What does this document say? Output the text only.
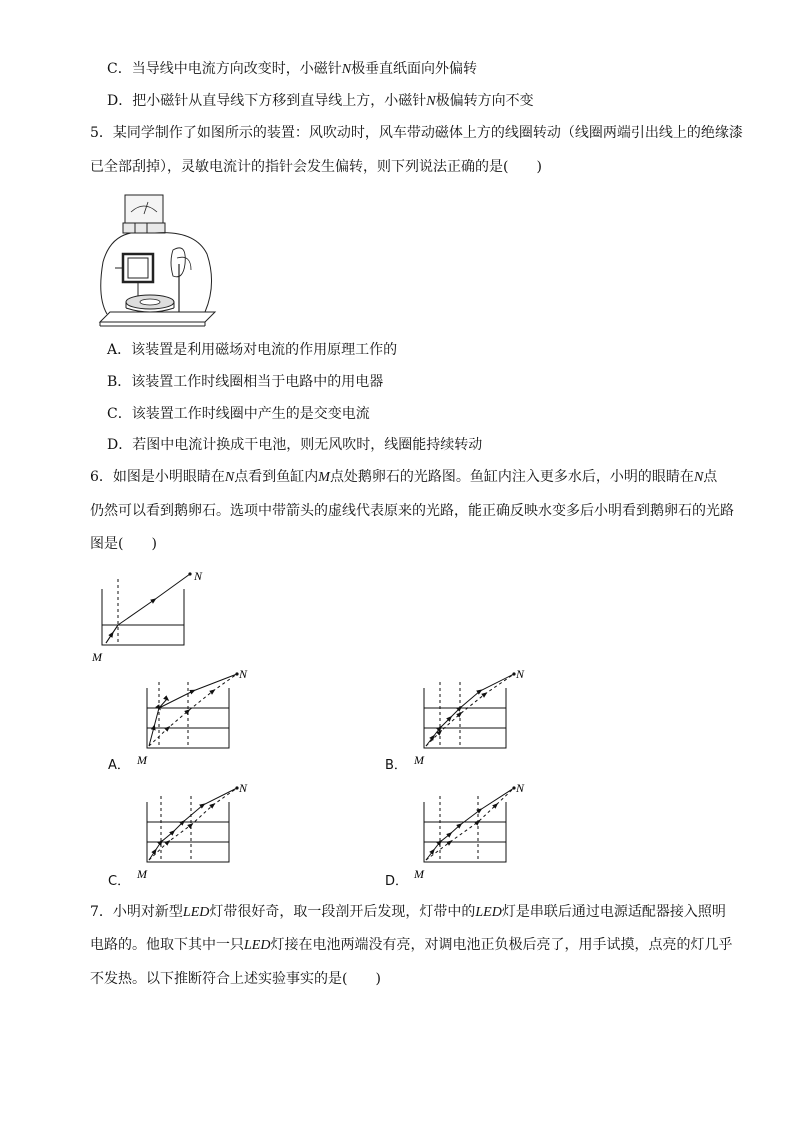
C．当导线中电流方向改变时，小磁针N极垂直纸面向外偏转
D．把小磁针从直导线下方移到直导线上方，小磁针N极偏转方向不变
5．某同学制作了如图所示的装置：风吹动时，风车带动磁体上方的线圈转动（线圈两端引出线上的绝缘漆
已全部刮掉），灵敏电流计的指针会发生偏转，则下列说法正确的是(　　)
A．该装置是利用磁场对电流的作用原理工作的
B．该装置工作时线圈相当于电路中的用电器
C．该装置工作时线圈中产生的是交变电流
D．若图中电流计换成干电池，则无风吹时，线圈能持续转动
6．如图是小明眼睛在N点看到鱼缸内M点处鹅卵石的光路图。鱼缸内注入更多水后，小明的眼睛在N点
仍然可以看到鹅卵石。选项中带箭头的虚线代表原来的光路，能正确反映水变多后小明看到鹅卵石的光路
图是(　　)
N
M
N
M
A．
N
M
B．
N
M
C．
N
M
D．
7．小明对新型LED灯带很好奇，取一段剖开后发现，灯带中的LED灯是串联后通过电源适配器接入照明
电路的。他取下其中一只LED灯接在电池两端没有亮，对调电池正负极后亮了，用手试摸，点亮的灯几乎
不发热。以下推断符合上述实验事实的是(　　)
